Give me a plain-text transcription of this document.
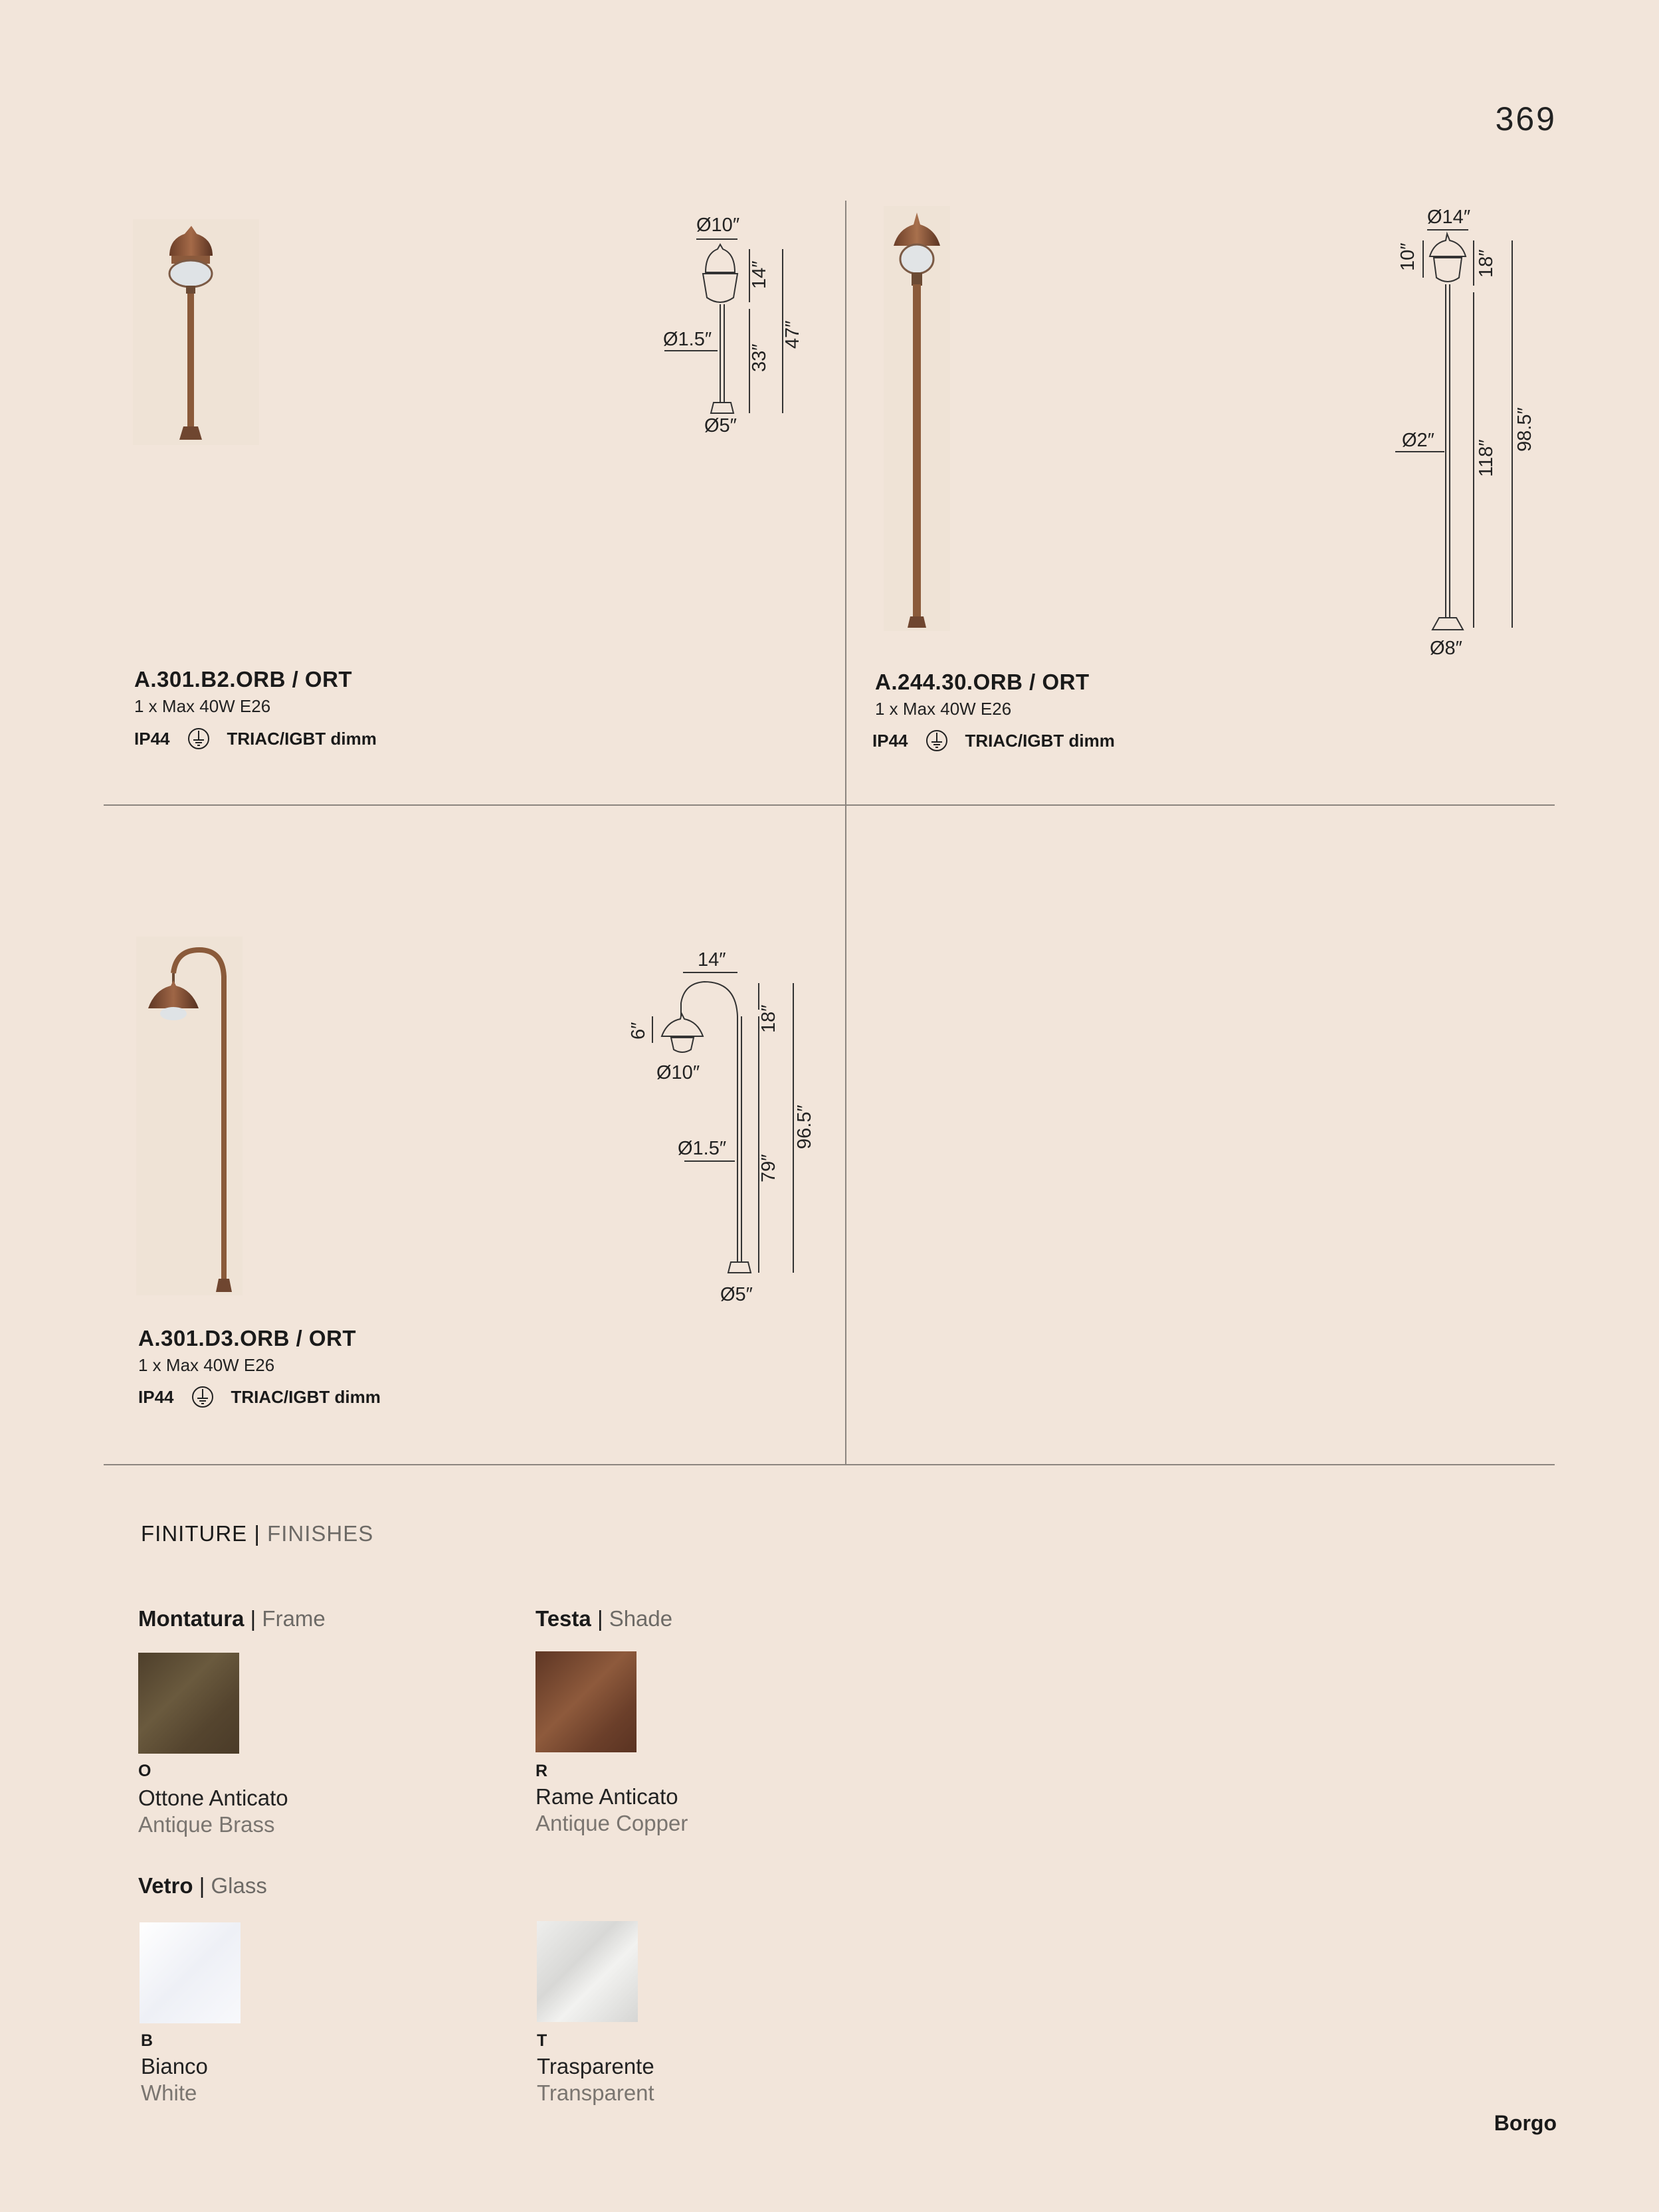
369
Ø10″
Ø1.5″
Ø5″
14″
33″
47″
A.301.B2.ORB / ORT
1 x Max 40W E26
IP44	TRIAC/IGBT dimm
Ø14″
Ø2″
Ø8″
10″	18″
118″
98.5″
A.244.30.ORB / ORT
1 x Max 40W E26
IP44	TRIAC/IGBT dimm
14″
6″
Ø10″
Ø1.5″
Ø5″
18″
79″
96.5″
A.301.D3.ORB / ORT
1 x Max 40W E26
IP44	TRIAC/IGBT dimm
FINITURE | FINISHES
Montatura | Frame
O
Ottone Anticato
Antique Brass
Testa | Shade
R
Rame Anticato
Antique Copper
Vetro | Glass
B
Bianco
White
T
Trasparente
Transparent
Borgo
